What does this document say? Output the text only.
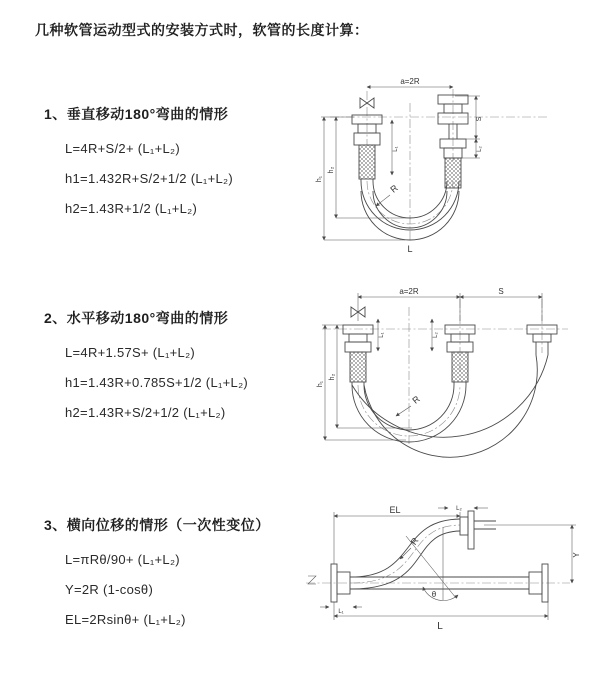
几种软管运动型式的安装方式时，软管的长度计算：
1、垂直移动180°弯曲的情形
L=4R+S/2+ (L₁+L₂)
h1=1.432R+S/2+1/2 (L₁+L₂)
h2=1.43R+1/2 (L₁+L₂)
2、水平移动180°弯曲的情形
L=4R+1.57S+ (L₁+L₂)
h1=1.43R+0.785S+1/2 (L₁+L₂)
h2=1.43R+S/2+1/2 (L₁+L₂)
3、横向位移的情形（一次性变位）
L=πRθ/90+ (L₁+L₂)
Y=2R (1-cosθ)
EL=2Rsinθ+ (L₁+L₂)
a=2R
S
L₂
L₁
h₂
h₁
R
L
a=2R	S
L₁	L₂
h₂
h₁
R
EL	L₂
Y
θ
R
L
L₁
